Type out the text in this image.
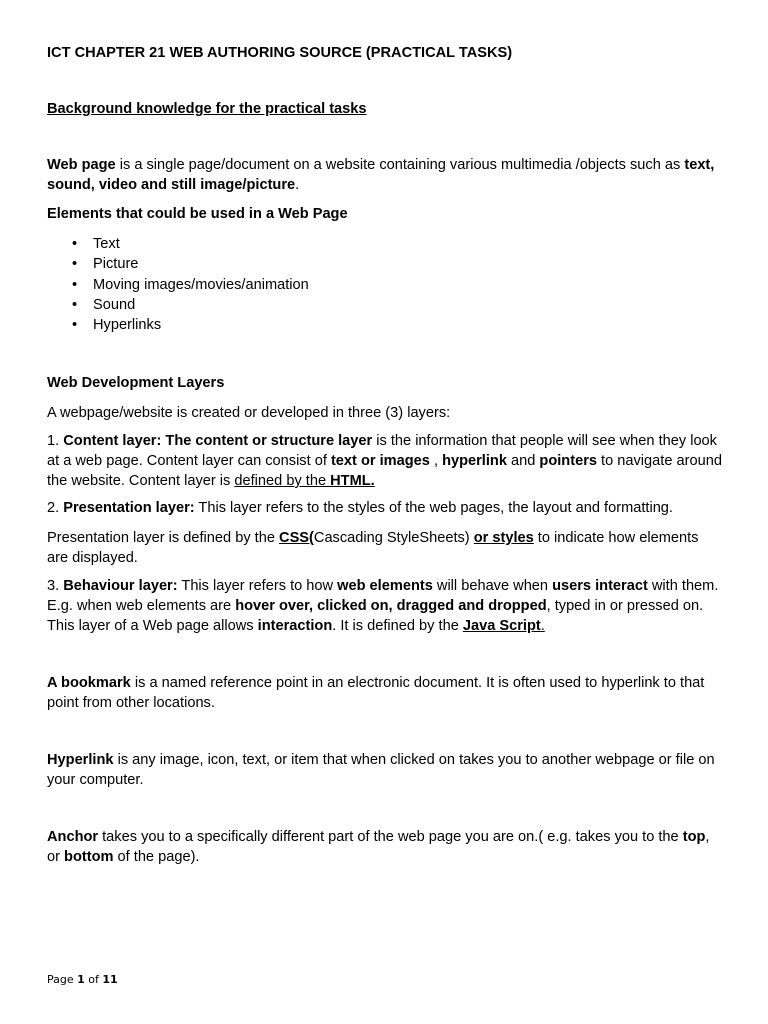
ICT CHAPTER 21 WEB AUTHORING SOURCE (PRACTICAL TASKS)

Background knowledge for the practical tasks

Web page is a single page/document on a website containing various multimedia /objects such as text, sound, video and still image/picture.

Elements that could be used in a Web Page

• Text
• Picture
• Moving images/movies/animation
• Sound
• Hyperlinks

Web Development Layers

A webpage/website is created or developed in three (3) layers:

1. Content layer: The content or structure layer is the information that people will see when they look at a web page. Content layer can consist of text or images , hyperlink and pointers to navigate around the website. Content layer is defined by the HTML.

2. Presentation layer: This layer refers to the styles of the web pages, the layout and formatting.

Presentation layer is defined by the CSS(Cascading StyleSheets) or styles to indicate how elements are displayed.

3. Behaviour layer: This layer refers to how web elements will behave when users interact with them. E.g. when web elements are hover over, clicked on, dragged and dropped, typed in or pressed on. This layer of a Web page allows interaction. It is defined by the Java Script.

A bookmark is a named reference point in an electronic document. It is often used to hyperlink to that point from other locations.

Hyperlink is any image, icon, text, or item that when clicked on takes you to another webpage or file on your computer.

Anchor takes you to a specifically different part of the web page you are on.( e.g. takes you to the top, or bottom of the page).

Page 1 of 11
